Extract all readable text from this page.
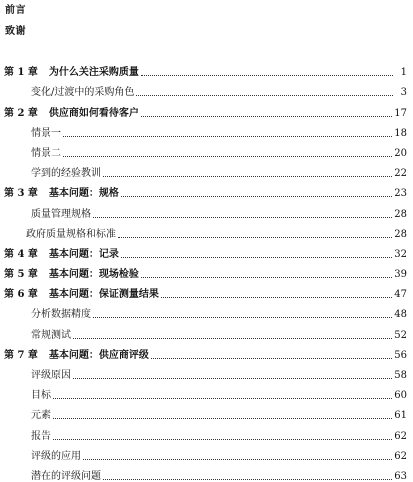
前言
致谢
第 1 章 为什么关注采购质量	1
变化/过渡中的采购角色	3
第 2 章 供应商如何看待客户	17
情景一	18
情景二	20
学到的经验教训	22
第 3 章 基本问题：规格	23
质量管理规格	28
政府质量规格和标准	28
第 4 章 基本问题：记录	32
第 5 章 基本问题：现场检验	39
第 6 章 基本问题：保证测量结果	47
分析数据精度	48
常规测试	52
第 7 章 基本问题：供应商评级	56
评级原因	58
目标	60
元素	61
报告	62
评级的应用	62
潜在的评级问题	63
